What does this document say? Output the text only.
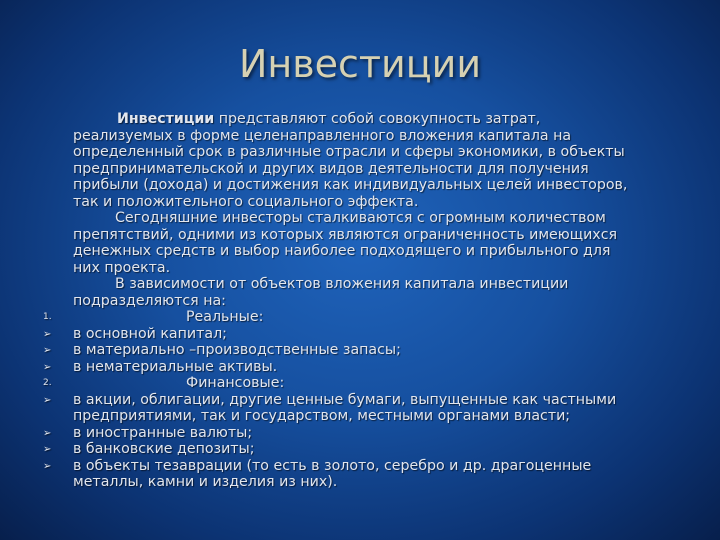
Инвестиции
Инвестиции представляют собой совокупность затрат,
реализуемых в форме целенаправленного вложения капитала на
определенный срок в различные отрасли и сферы экономики, в объекты
предпринимательской и других видов деятельности для получения
прибыли (дохода) и достижения как индивидуальных целей инвесторов,
так и положительного социального эффекта.
Сегодняшние инвесторы сталкиваются с огромным количеством
препятствий, одними из которых являются ограниченность имеющихся
денежных средств и выбор наиболее подходящего и прибыльного для
них проекта.
В зависимости от объектов вложения капитала инвестиции
подразделяются на:
1.	Реальные:
➢	в основной капитал;
➢	в материально –производственные запасы;
➢	в нематериальные активы.
2.	Финансовые:
➢	в акции, облигации, другие ценные бумаги, выпущенные как частными
предприятиями, так и государством, местными органами власти;
➢	в иностранные валюты;
➢	в банковские депозиты;
➢	в объекты тезаврации (то есть в золото, серебро и др. драгоценные
металлы, камни и изделия из них).
